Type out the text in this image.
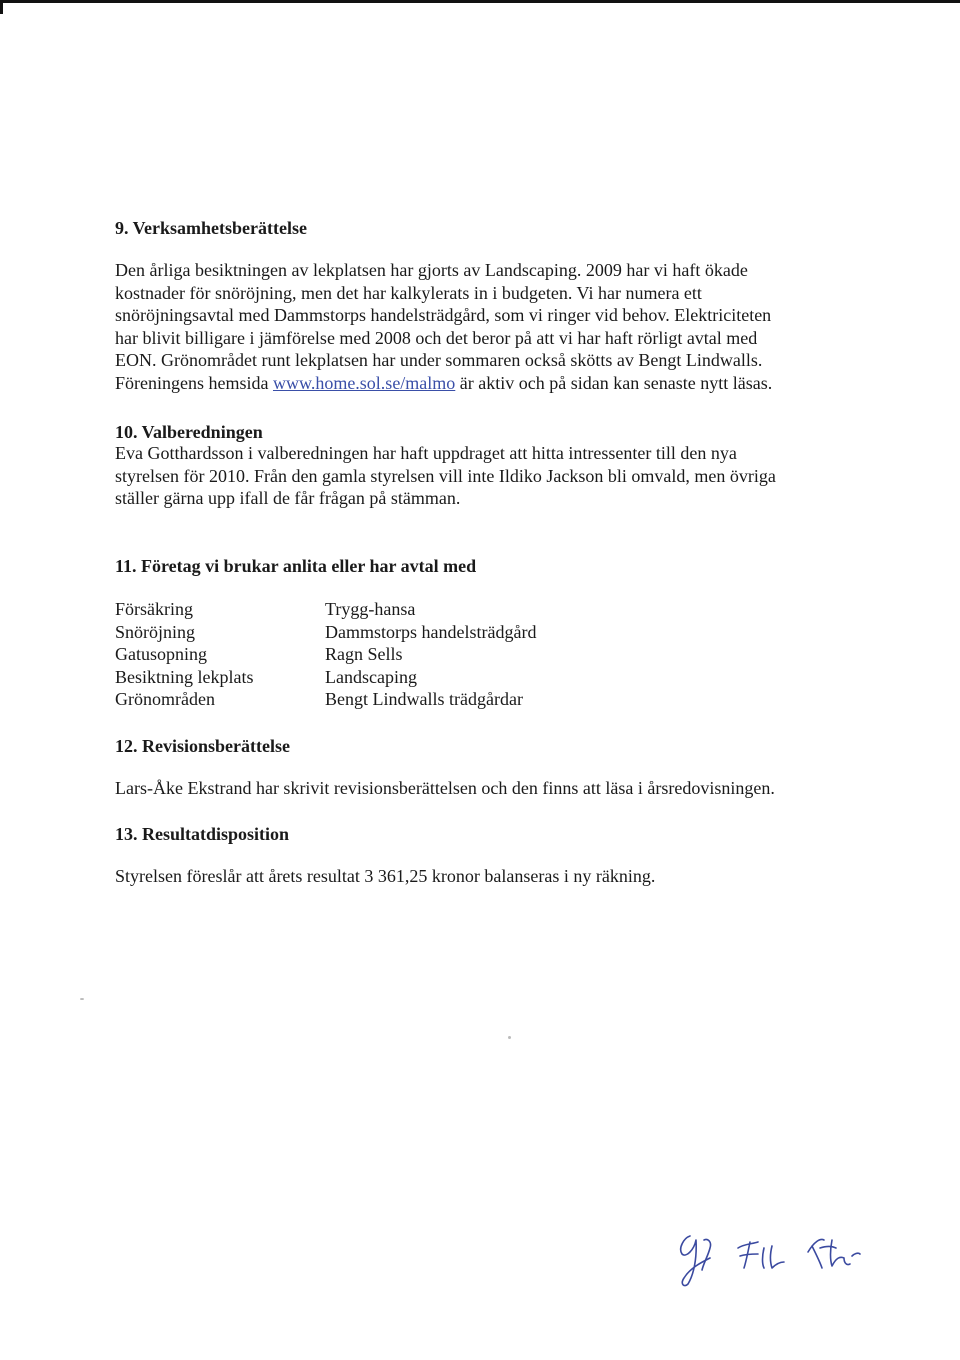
9. Verksamhetsberättelse

Den årliga besiktningen av lekplatsen har gjorts av Landscaping. 2009 har vi haft ökade
kostnader för snöröjning, men det har kalkylerats in i budgeten. Vi har numera ett
snöröjningsavtal med Dammstorps handelsträdgård, som vi ringer vid behov. Elektriciteten
har blivit billigare i jämförelse med 2008 och det beror på att vi har haft rörligt avtal med
EON. Grönområdet runt lekplatsen har under sommaren också skötts av Bengt Lindwalls.
Föreningens hemsida www.home.sol.se/malmo är aktiv och på sidan kan senaste nytt läsas.

10. Valberedningen

Eva Gotthardsson i valberedningen har haft uppdraget att hitta intressenter till den nya
styrelsen för 2010. Från den gamla styrelsen vill inte Ildiko Jackson bli omvald, men övriga
ställer gärna upp ifall de får frågan på stämman.

11. Företag vi brukar anlita eller har avtal med
Försäkring	Trygg-hansa
Snöröjning	Dammstorps handelsträdgård
Gatusopning	Ragn Sells
Besiktning lekplats	Landscaping
Grönområden	Bengt Lindwalls trädgårdar
12. Revisionsberättelse

Lars-Åke Ekstrand har skrivit revisionsberättelsen och den finns att läsa i årsredovisningen.

13. Resultatdisposition

Styrelsen föreslår att årets resultat 3 361,25 kronor balanseras i ny räkning.
